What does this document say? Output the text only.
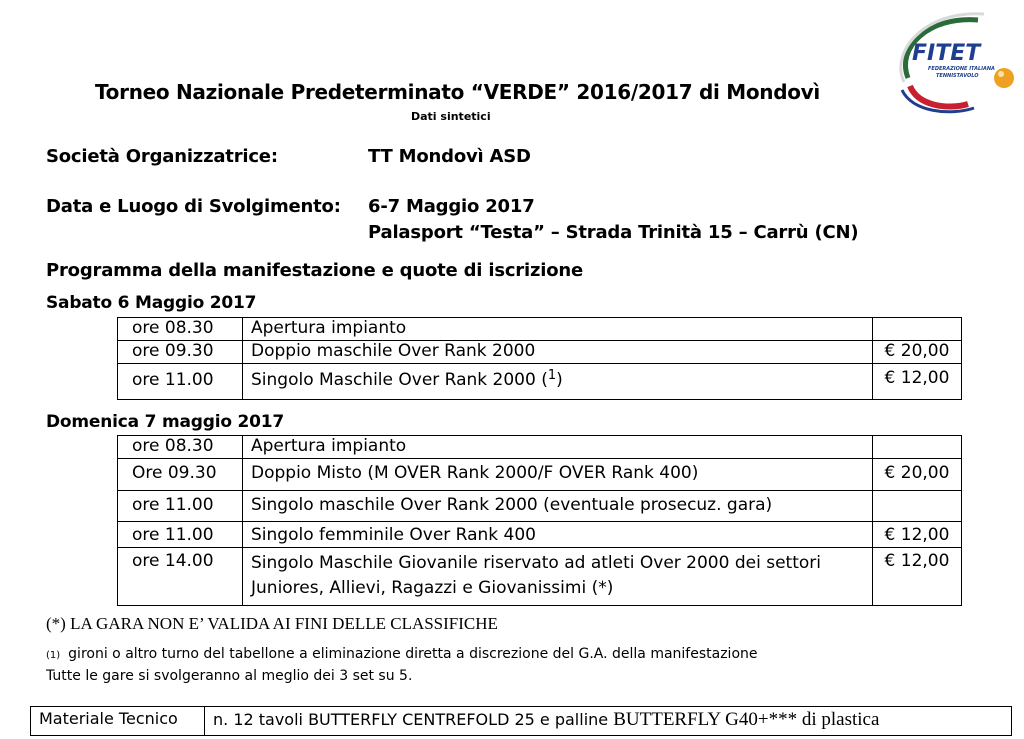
FITET
FEDERAZIONE ITALIANA
TENNISTAVOLO
Torneo Nazionale Predeterminato “VERDE” 2016/2017 di Mondovì
Dati sintetici
Società Organizzatrice:	TT Mondovì ASD
Data e Luogo di Svolgimento: 6-7 Maggio 2017
Palasport “Testa” – Strada Trinità 15 – Carrù (CN)
Programma della manifestazione e quote di iscrizione
Sabato 6 Maggio 2017
ore 08.30	Apertura impianto	
ore 09.30	Doppio maschile Over Rank 2000	€ 20,00
ore 11.00	Singolo Maschile Over Rank 2000 ($^1$)	€ 12,00
Domenica 7 maggio 2017
ore 08.30	Apertura impianto	
Ore 09.30	Doppio Misto (M OVER Rank 2000/F OVER Rank 400)	€ 20,00
ore 11.00	Singolo maschile Over Rank 2000 (eventuale prosecuz. gara)	
ore 11.00	Singolo femminile Over Rank 400	€ 12,00
ore 14.00	Singolo Maschile Giovanile riservato ad atleti Over 2000 dei settori
Juniores, Allievi, Ragazzi e Giovanissimi (*)	€ 12,00
(*) LA GARA NON E’ VALIDA AI FINI DELLE CLASSIFICHE
(1) gironi o altro turno del tabellone a eliminazione diretta a discrezione del G.A. della manifestazione
Tutte le gare si svolgeranno al meglio dei 3 set su 5.
Materiale Tecnico	n. 12 tavoli BUTTERFLY CENTREFOLD 25 e palline BUTTERFLY G40+*** di plastica
